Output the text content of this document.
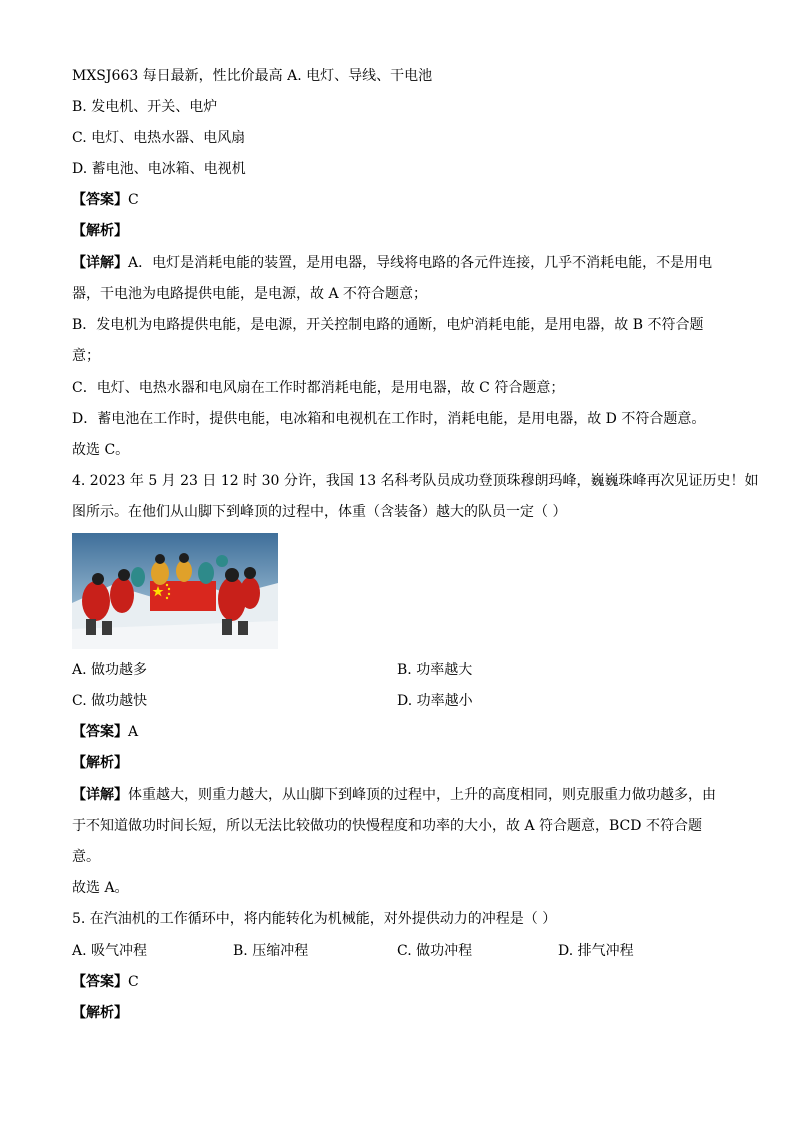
MXSJ663 每日最新，性比价最高 A. 电灯、导线、干电池
B. 发电机、开关、电炉
C. 电灯、电热水器、电风扇
D. 蓄电池、电冰箱、电视机
【答案】C
【解析】
【详解】A．电灯是消耗电能的装置，是用电器，导线将电路的各元件连接，几乎不消耗电能，不是用电
器，干电池为电路提供电能，是电源，故 A 不符合题意；
B．发电机为电路提供电能，是电源，开关控制电路的通断，电炉消耗电能，是用电器，故 B 不符合题
意；
C．电灯、电热水器和电风扇在工作时都消耗电能，是用电器，故 C 符合题意；
D．蓄电池在工作时，提供电能，电冰箱和电视机在工作时，消耗电能，是用电器，故 D 不符合题意。
故选 C。
4. 2023 年 5 月 23 日 12 时 30 分许，我国 13 名科考队员成功登顶珠穆朗玛峰，巍巍珠峰再次见证历史！如
图所示。在他们从山脚下到峰顶的过程中，体重（含装备）越大的队员一定（ ）
A. 做功越多	B. 功率越大
C. 做功越快	D. 功率越小
【答案】A
【解析】
【详解】体重越大，则重力越大，从山脚下到峰顶的过程中，上升的高度相同，则克服重力做功越多，由
于不知道做功时间长短，所以无法比较做功的快慢程度和功率的大小，故 A 符合题意，BCD 不符合题
意。
故选 A。
5. 在汽油机的工作循环中，将内能转化为机械能，对外提供动力的冲程是（ ）
A. 吸气冲程	B. 压缩冲程	C. 做功冲程	D. 排气冲程
【答案】C
【解析】
